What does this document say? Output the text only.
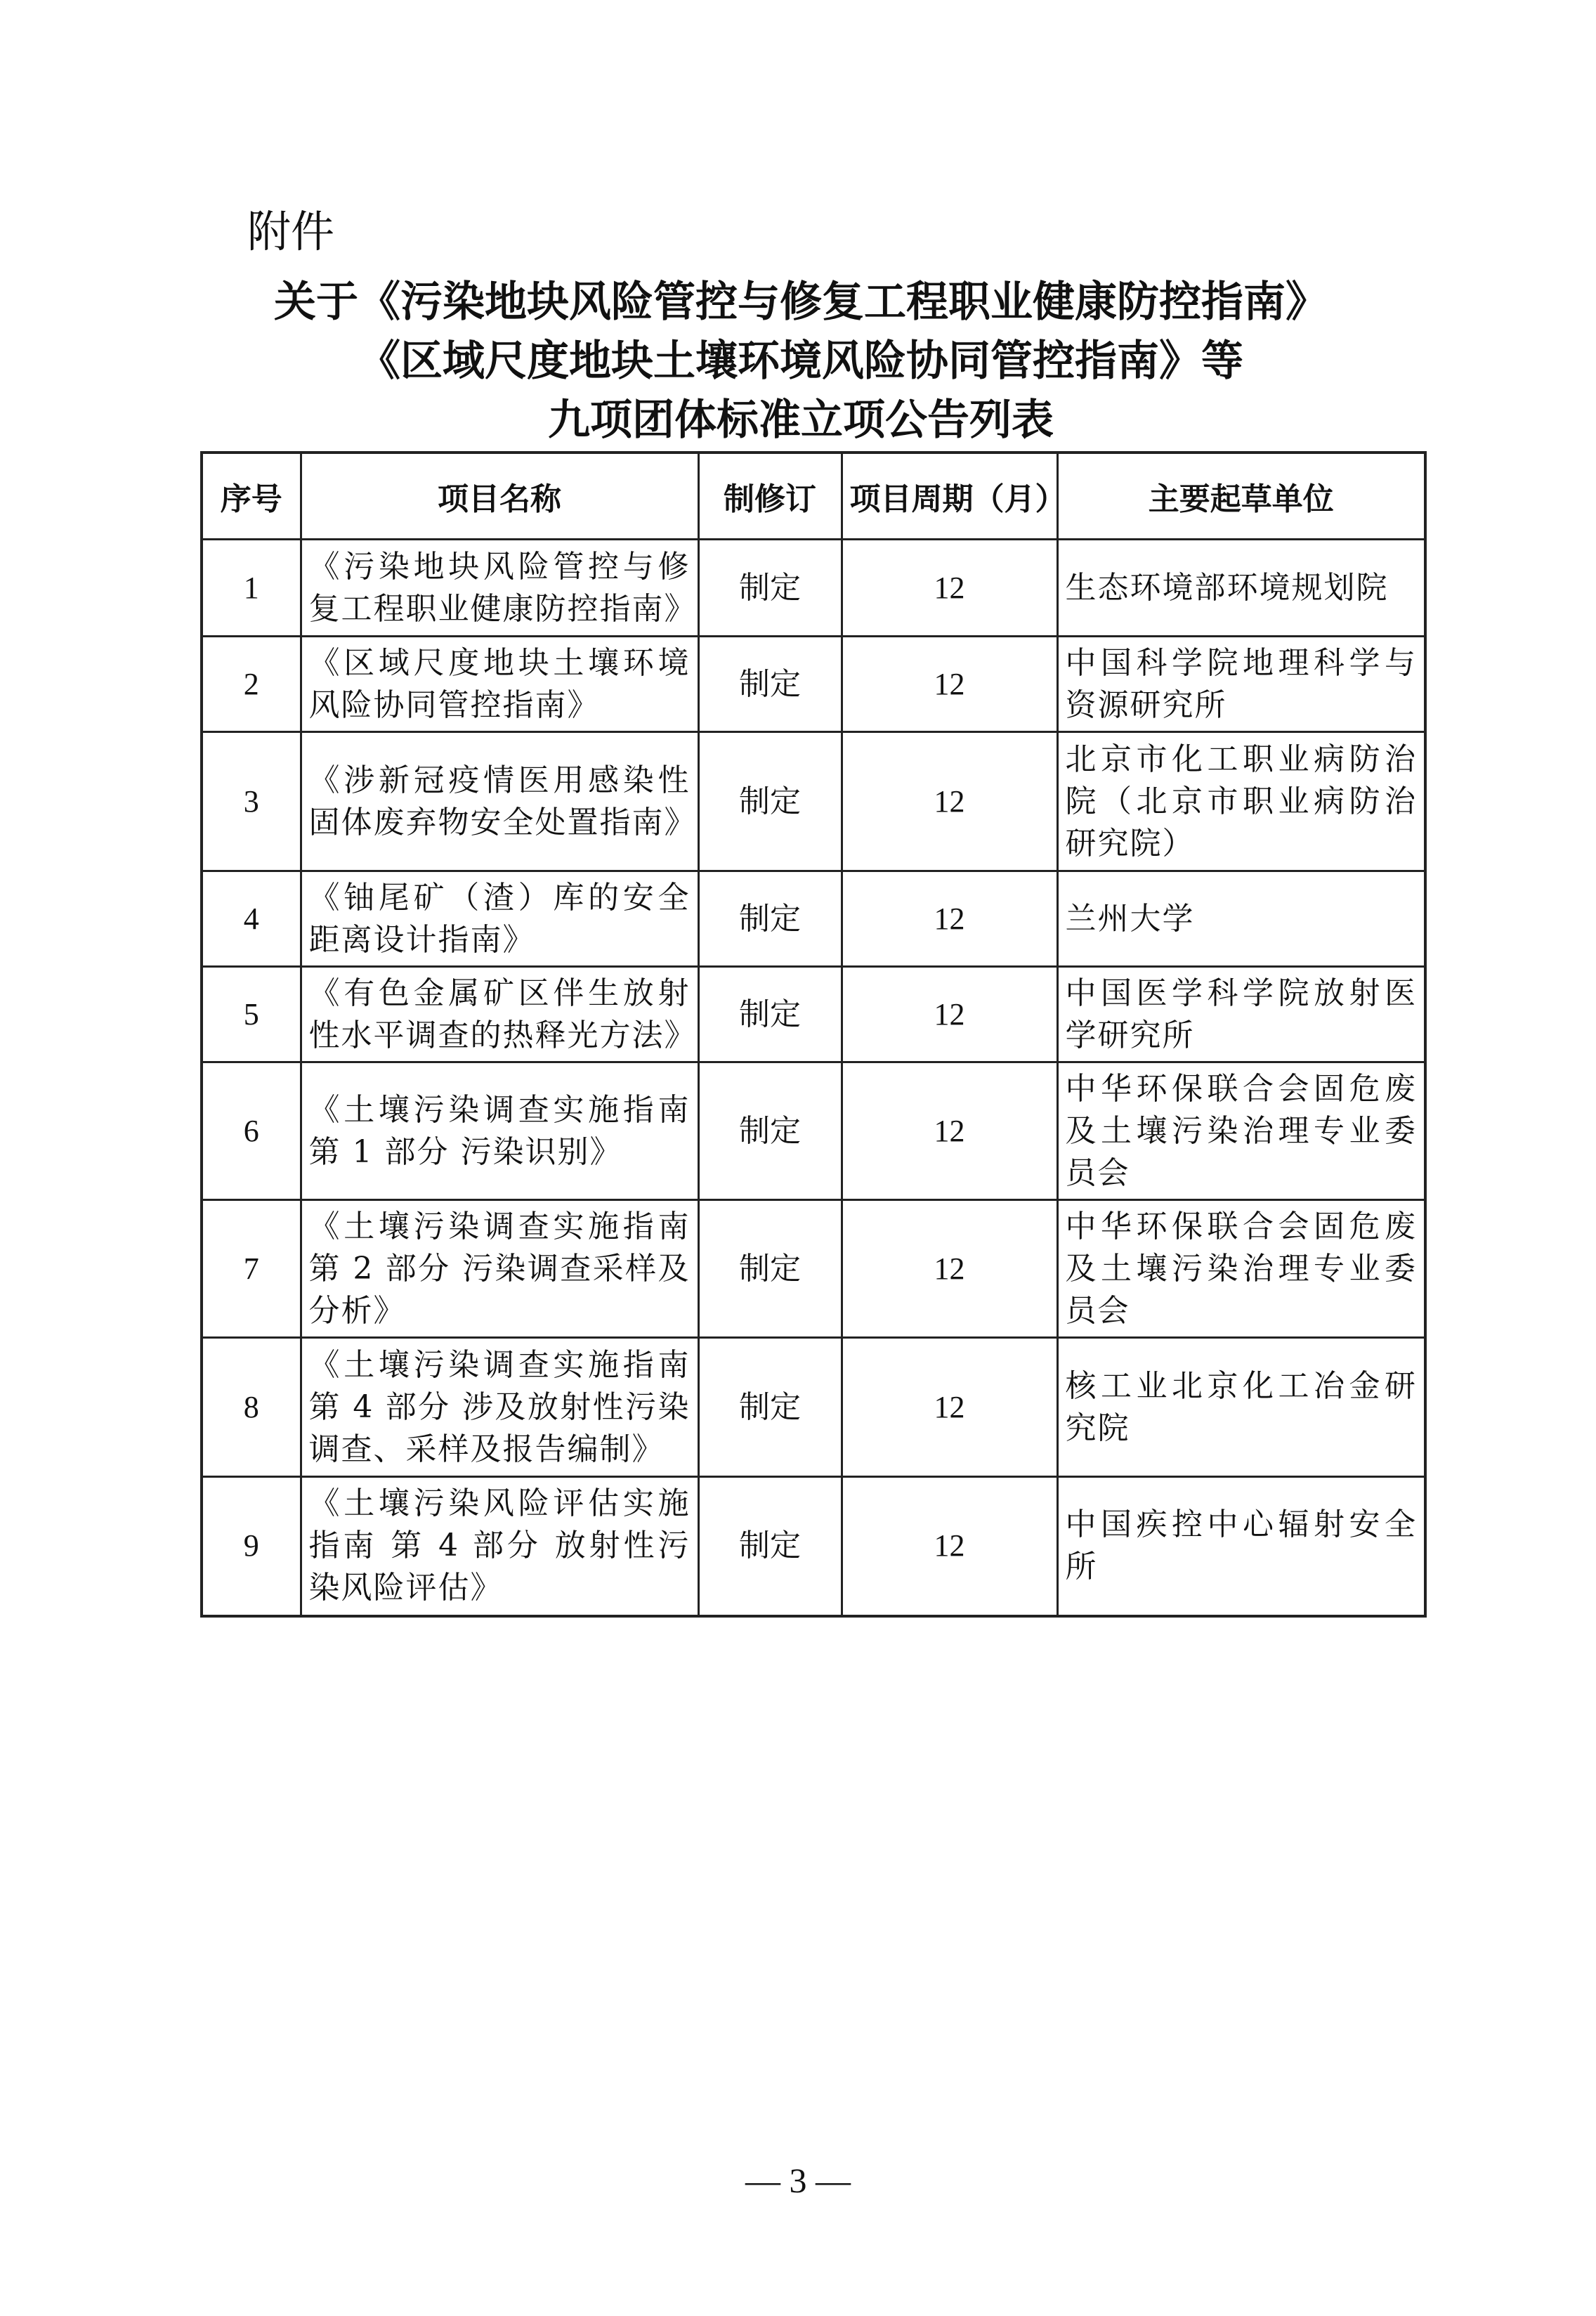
附件
关于《污染地块风险管控与修复工程职业健康防控指南》
《区域尺度地块土壤环境风险协同管控指南》等
九项团体标准立项公告列表
序号	项目名称	制修订	项目周期（月）	主要起草单位
1	《污染地块风险管控与修复工程职业健康防控指南》	制定	12	生态环境部环境规划院
2	《区域尺度地块土壤环境风险协同管控指南》	制定	12	中国科学院地理科学与资源研究所
3	《涉新冠疫情医用感染性固体废弃物安全处置指南》	制定	12	北京市化工职业病防治院（北京市职业病防治研究院）
4	《铀尾矿（渣）库的安全距离设计指南》	制定	12	兰州大学
5	《有色金属矿区伴生放射性水平调查的热释光方法》	制定	12	中国医学科学院放射医学研究所
6	《土壤污染调查实施指南 第 1 部分 污染识别》	制定	12	中华环保联合会固危废及土壤污染治理专业委员会
7	《土壤污染调查实施指南 第 2 部分 污染调查采样及分析》	制定	12	中华环保联合会固危废及土壤污染治理专业委员会
8	《土壤污染调查实施指南 第 4 部分 涉及放射性污染调查、采样及报告编制》	制定	12	核工业北京化工冶金研究院
9	《土壤污染风险评估实施指南 第 4 部分 放射性污染风险评估》	制定	12	中国疾控中心辐射安全所
— 3 —
